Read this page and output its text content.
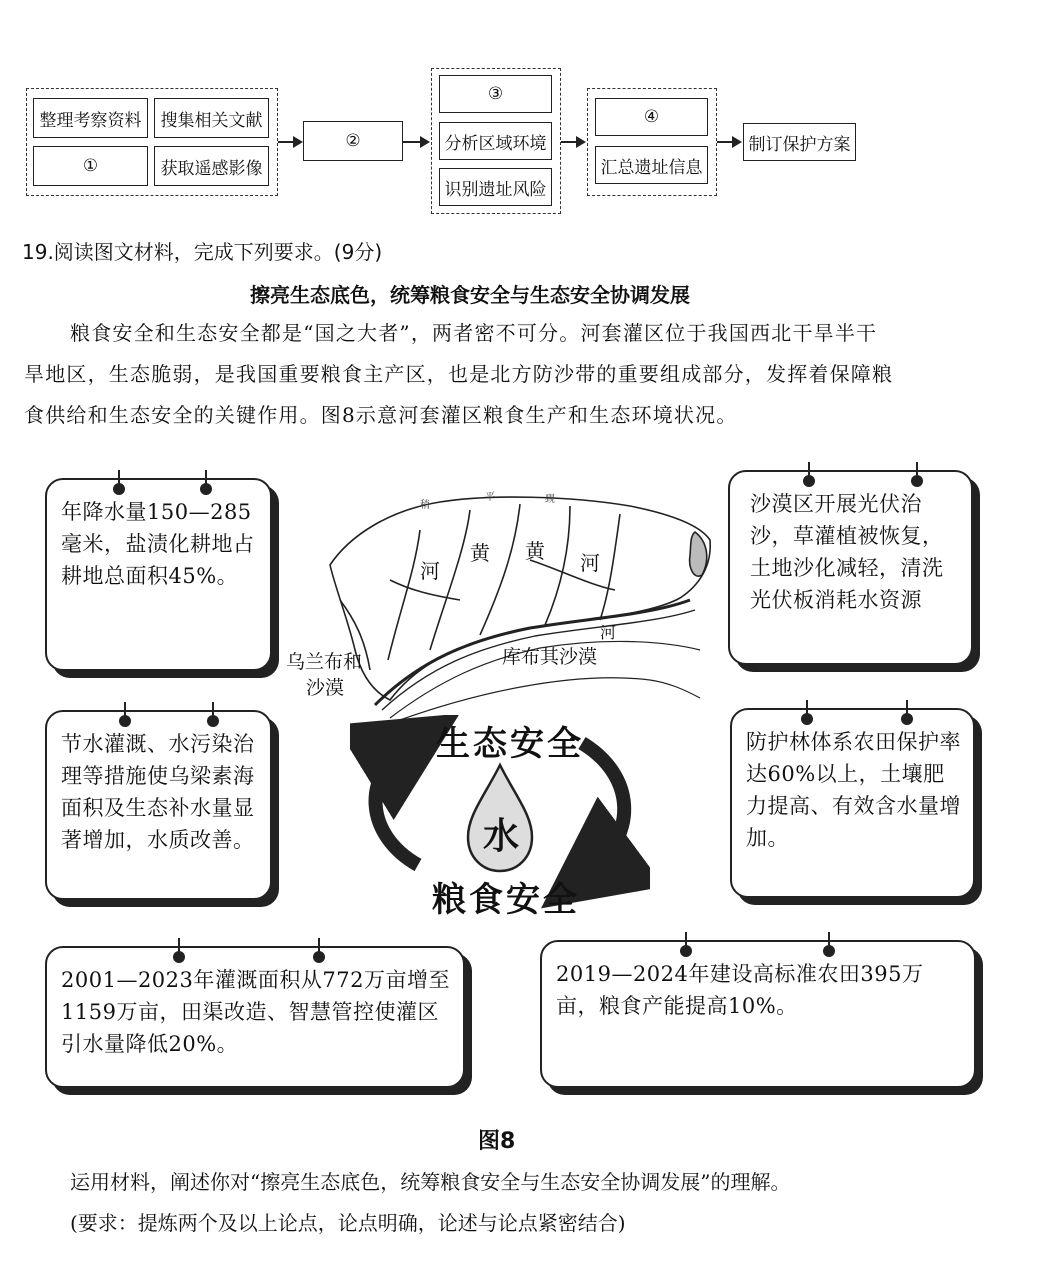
整理考察资料	搜集相关文献
①	获取遥感影像
②
③
分析区域环境
识别遗址风险
④
汇总遗址信息
制订保护方案
19.阅读图文材料，完成下列要求。(9分)
擦亮生态底色，统筹粮食安全与生态安全协调发展
粮食安全和生态安全都是“国之大者”，两者密不可分。河套灌区位于我国西北干旱半干
旱地区，生态脆弱，是我国重要粮食主产区，也是北方防沙带的重要组成部分，发挥着保障粮
食供给和生态安全的关键作用。图8示意河套灌区粮食生产和生态环境状况。
年降水量150—285毫米，盐渍化耕地占耕地总面积45%。
沙漠区开展光伏治沙，草灌植被恢复，土地沙化减轻，清洗光伏板消耗水资源
节水灌溉、水污染治理等措施使乌梁素海面积及生态补水量显著增加，水质改善。
防护林体系农田保护率达60%以上，土壤肥力提高、有效含水量增加。
2001—2023年灌溉面积从772万亩增至1159万亩，田渠改造、智慧管控使灌区引水量降低20%。
2019—2024年建设高标准农田395万亩，粮食产能提高10%。
河
黄 黄 河
河
稍
平	觋
乌兰布和
沙漠
库布其沙漠
生态安全
粮食安全
水
图8
运用材料，阐述你对“擦亮生态底色，统筹粮食安全与生态安全协调发展”的理解。
(要求：提炼两个及以上论点，论点明确，论述与论点紧密结合)
